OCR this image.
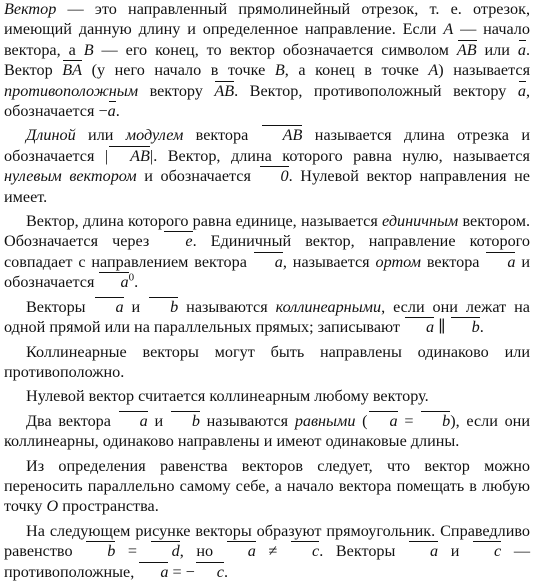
Вектор — это направленный прямолинейный отрезок, т. е. отрезок, имеющий данную длину и определенное направление. Если A — начало вектора, а B — его конец, то вектор обозначается символом AB или a. Вектор BA (у него начало в точке B, а конец в точке A) называется противоположным вектору AB. Вектор, противоположный вектору a, обозначается −a.

Длиной или модулем вектора AB называется длина отрезка и обозначается | AB|. Вектор, длина которого равна нулю, называется нулевым вектором и обозначается 0. Нулевой вектор направления не имеет.

Вектор, длина которого равна единице, называется единичным вектором. Обозначается через e. Единичный вектор, направление которого совпадает с направлением вектора a, называется ортом вектора a и обозначается $a^0$.

Векторы a и b называются коллинеарными, если они лежат на одной прямой или на параллельных прямых; записывают a ∥ b.

Коллинеарные векторы могут быть направлены одинаково или противоположно.

Нулевой вектор считается коллинеарным любому вектору.

Два вектора a и b называются равными ( a = b), если они коллинеарны, одинаково направлены и имеют одинаковые длины.

Из определения равенства векторов следует, что вектор можно переносить параллельно самому себе, а начало вектора помещать в любую точку O пространства.

На следующем рисунке векторы образуют прямоугольник. Справедливо равенство b = d, но a ≠ c. Векторы a и c — противоположные, a = − c.
